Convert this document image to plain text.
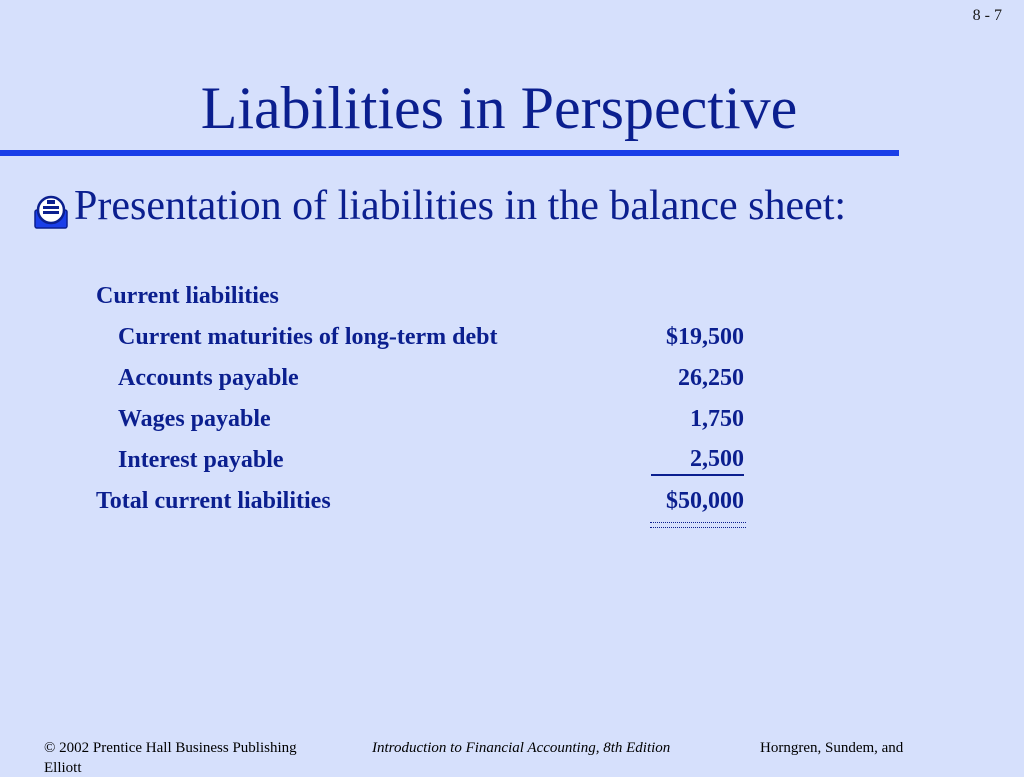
8 - 7
Liabilities in Perspective
Presentation of liabilities in the balance sheet:
Current liabilities
Current maturities of long-term debt	$19,500
Accounts payable	26,250
Wages payable	1,750
Interest payable	2,500
Total current liabilities	$50,000
© 2002 Prentice Hall Business Publishing	Introduction to Financial Accounting, 8th Edition	Horngren, Sundem, and
Elliott
